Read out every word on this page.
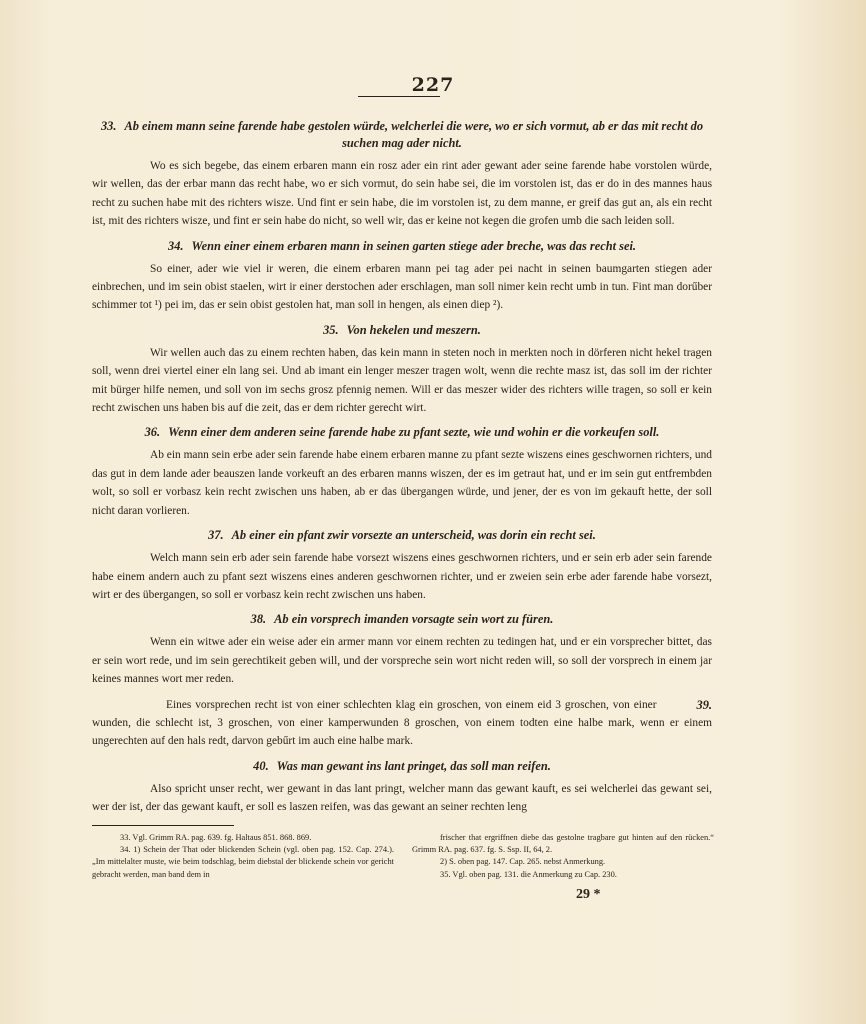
227

33. Ab einem mann seine farende habe gestolen würde, welcherlei die were, wo er sich vormut, ab er das mit recht do suchen mag ader nicht.

Wo es sich begebe, das einem erbaren mann ein rosz ader ein rint ader gewant ader seine farende habe vorstolen würde, wir wellen, das der erbar mann das recht habe, wo er sich vormut, do sein habe sei, die im vorstolen ist, das er do in des mannes haus recht zu suchen habe mit des richters wisze. Und fint er sein habe, die im vorstolen ist, zu dem manne, er greif das gut an, als ein recht ist, mit des richters wisze, und fint er sein habe do nicht, so well wir, das er keine not kegen die grofen umb die sach leiden soll.

34. Wenn einer einem erbaren mann in seinen garten stiege ader breche, was das recht sei.

So einer, ader wie viel ir weren, die einem erbaren mann pei tag ader pei nacht in seinen baumgarten stiegen ader einbrechen, und im sein obist staelen, wirt ir einer derstochen ader erschlagen, man soll nimer kein recht umb in tun. Fint man dorűber schimmer tot ¹) pei im, das er sein obist gestolen hat, man soll in hengen, als einen diep ²).

35. Von hekelen und meszern.

Wir wellen auch das zu einem rechten haben, das kein mann in steten noch in merkten noch in dörferen nicht hekel tragen soll, wenn drei viertel einer eln lang sei. Und ab imant ein lenger meszer tragen wolt, wenn die rechte masz ist, das soll im der richter mit bürger hilfe nemen, und soll von im sechs grosz pfennig nemen. Will er das meszer wider des richters wille tragen, so soll er kein recht zwischen uns haben bis auf die zeit, das er dem richter gerecht wirt.

36. Wenn einer dem anderen seine farende habe zu pfant sezte, wie und wohin er die vorkeufen soll.

Ab ein mann sein erbe ader sein farende habe einem erbaren manne zu pfant sezte wiszens eines geschwornen richters, und das gut in dem lande ader beauszen lande vorkeuft an des erbaren manns wiszen, der es im getraut hat, und er im sein gut entfrembden wolt, so soll er vorbasz kein recht zwischen uns haben, ab er das übergangen würde, und jener, der es von im gekauft hette, der soll nicht daran vorlieren.

37. Ab einer ein pfant zwir vorsezte an unterscheid, was dorin ein recht sei.

Welch mann sein erb ader sein farende habe vorsezt wiszens eines geschwornen richters, und er sein erb ader sein farende habe einem andern auch zu pfant sezt wiszens eines anderen geschwornen richter, und er zweien sein erbe ader farende habe vorsezt, wirt er des übergangen, so soll er vorbasz kein recht zwischen uns haben.

38. Ab ein vorsprech imanden vorsagte sein wort zu füren.

Wenn ein witwe ader ein weise ader ein armer mann vor einem rechten zu tedingen hat, und er ein vorsprecher bittet, das er sein wort rede, und im sein gerechtikeit geben will, und der vorspreche sein wort nicht reden will, so soll der vorsprech in einem jar keines mannes wort mer reden.

39.

Eines vorsprechen recht ist von einer schlechten klag ein groschen, von einem eid 3 groschen, von einer wunden, die schlecht ist, 3 groschen, von einer kamperwunden 8 groschen, von einem todten eine halbe mark, wenn er einem ungerechten auf den hals redt, darvon gebűrt im auch eine halbe mark.

40. Was man gewant ins lant pringet, das soll man reifen.

Also spricht unser recht, wer gewant in das lant pringt, welcher mann das gewant kauft, es sei welcherlei das gewant sei, wer der ist, der das gewant kauft, er soll es laszen reifen, was das gewant an seiner rechten leng

33. Vgl. Grimm RA. pag. 639. fg. Haltaus 851. 868. 869.

34. 1) Schein der That oder blickenden Schein (vgl. oben pag. 152. Cap. 274.). „Im mittelalter muste, wie beim todschlag, beim diebstal der blickende schein vor gericht gebracht werden, man band dem in

frischer that ergriffnen diebe das gestolne tragbare gut hinten auf den rücken.“ Grimm RA. pag. 637. fg. S. Ssp. II, 64, 2.

2) S. oben pag. 147. Cap. 265. nebst Anmerkung.

35. Vgl. oben pag. 131. die Anmerkung zu Cap. 230.

29 *
